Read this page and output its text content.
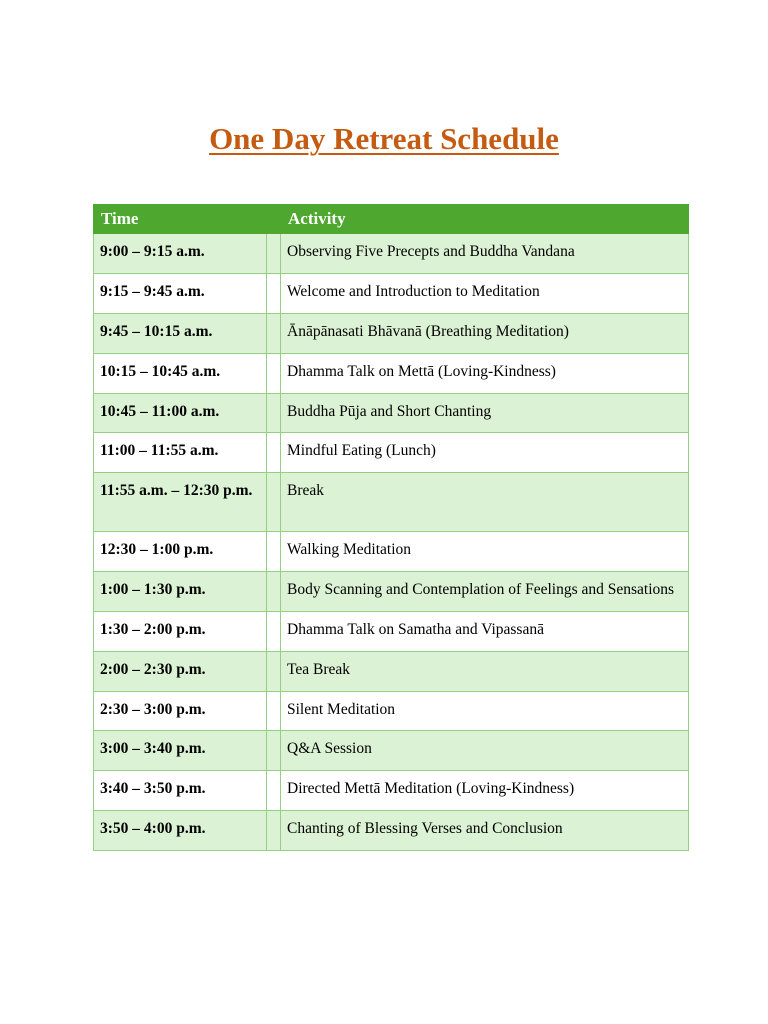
One Day Retreat Schedule
Time		Activity
9:00 – 9:15 a.m.		Observing Five Precepts and Buddha Vandana
9:15 – 9:45 a.m.		Welcome and Introduction to Meditation
9:45 – 10:15 a.m.		Ānāpānasati Bhāvanā (Breathing Meditation)
10:15 – 10:45 a.m.		Dhamma Talk on Mettā (Loving-Kindness)
10:45 – 11:00 a.m.		Buddha Pūja and Short Chanting
11:00 – 11:55 a.m.		Mindful Eating (Lunch)
11:55 a.m. – 12:30 p.m.		Break
12:30 – 1:00 p.m.		Walking Meditation
1:00 – 1:30 p.m.		Body Scanning and Contemplation of Feelings and Sensations
1:30 – 2:00 p.m.		Dhamma Talk on Samatha and Vipassanā
2:00 – 2:30 p.m.		Tea Break
2:30 – 3:00 p.m.		Silent Meditation
3:00 – 3:40 p.m.		Q&A Session
3:40 – 3:50 p.m.		Directed Mettā Meditation (Loving-Kindness)
3:50 – 4:00 p.m.		Chanting of Blessing Verses and Conclusion
